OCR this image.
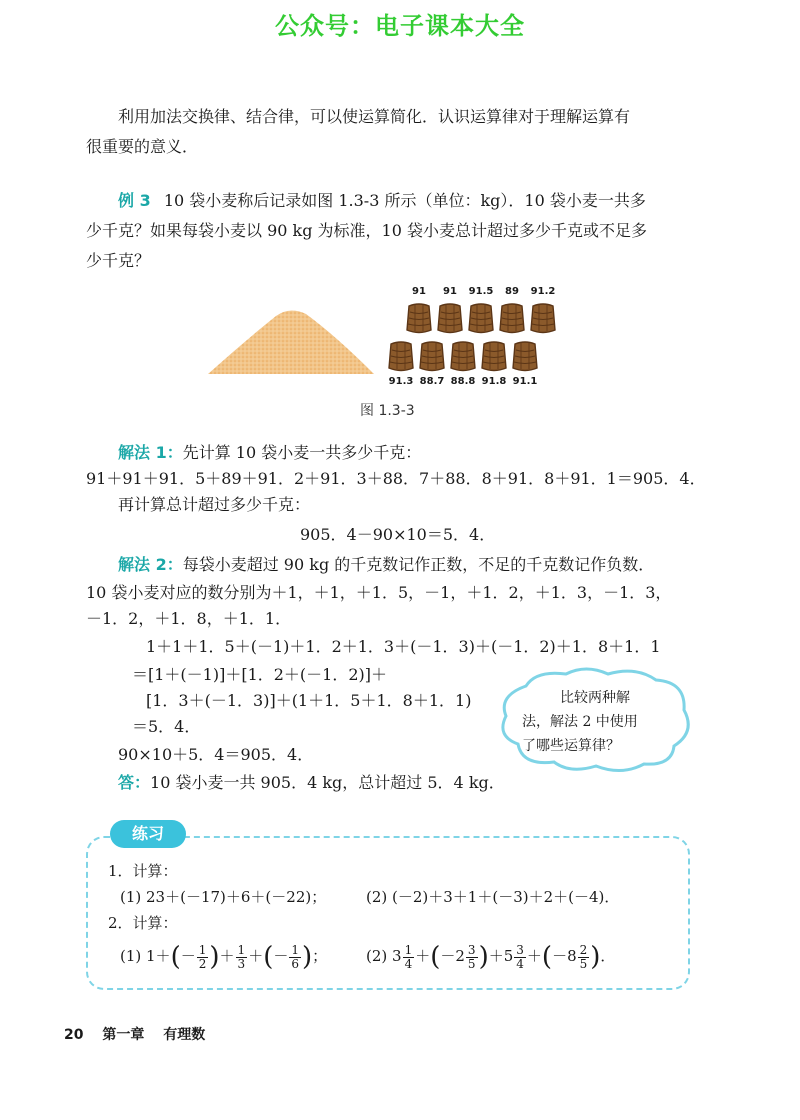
公众号：电子课本大全
利用加法交换律、结合律，可以使运算简化．认识运算律对于理解运算有
很重要的意义．
例 3 10 袋小麦称后记录如图 1.3-3 所示（单位：kg）．10 袋小麦一共多
少千克？如果每袋小麦以 90 kg 为标准，10 袋小麦总计超过多少千克或不足多
少千克？
91	91	91.5	89	91.2
91.3 88.7 88.8 91.8 91.1
图 1.3-3
解法 1：先计算 10 袋小麦一共多少千克：
91＋91＋91．5＋89＋91．2＋91．3＋88．7＋88．8＋91．8＋91．1＝905．4．
再计算总计超过多少千克：
905．4－90×10＝5．4．
解法 2：每袋小麦超过 90 kg 的千克数记作正数，不足的千克数记作负数．
10 袋小麦对应的数分别为＋1，＋1，＋1．5，－1，＋1．2，＋1．3，－1．3，
－1．2，＋1．8，＋1．1．
1＋1＋1．5＋(－1)＋1．2＋1．3＋(－1．3)＋(－1．2)＋1．8＋1．1
＝[1＋(－1)]＋[1．2＋(－1．2)]＋
[1．3＋(－1．3)]＋(1＋1．5＋1．8＋1．1)
＝5．4．
90×10＋5．4＝905．4．
答：10 袋小麦一共 905．4 kg，总计超过 5．4 kg．
比较两种解
法，解法 2 中使用
了哪些运算律？
练习
1．计算：
(1) 23＋(－17)＋6＋(－22)；	(2) (－2)＋3＋1＋(－3)＋2＋(－4)．
2．计算：
(1) $1+(- \frac{1}{2}$ )＋ $\frac{1}{3}$ ＋(－ $\frac{1}{6}$ )；	(2) $3 \frac{1}{4} +(-2 \frac{3}{5} )+5 \frac{3}{4} +(-8 \frac{2}{5}$ )．
20 第一章 有理数
